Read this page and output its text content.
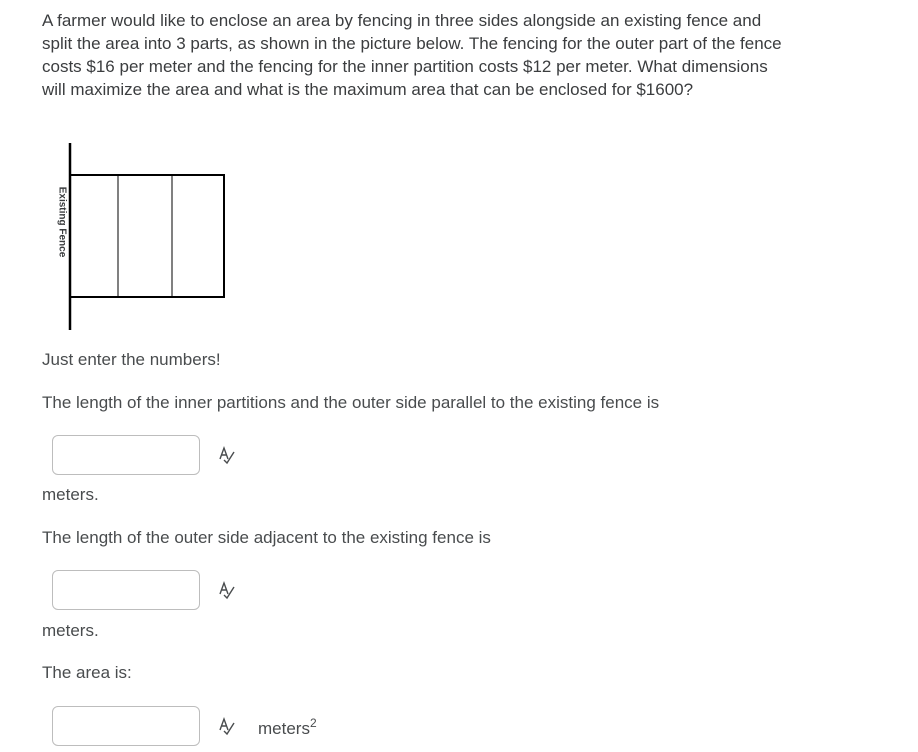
A farmer would like to enclose an area by fencing in three sides alongside an existing fence and split the area into 3 parts, as shown in the picture below. The fencing for the outer part of the fence costs $16 per meter and the fencing for the inner partition costs $12 per meter. What dimensions will maximize the area and what is the maximum area that can be enclosed for $1600?
Existing Fence
Just enter the numbers!
The length of the inner partitions and the outer side parallel to the existing fence is
meters.
The length of the outer side adjacent to the existing fence is
meters.
The area is:
meters$^2$
